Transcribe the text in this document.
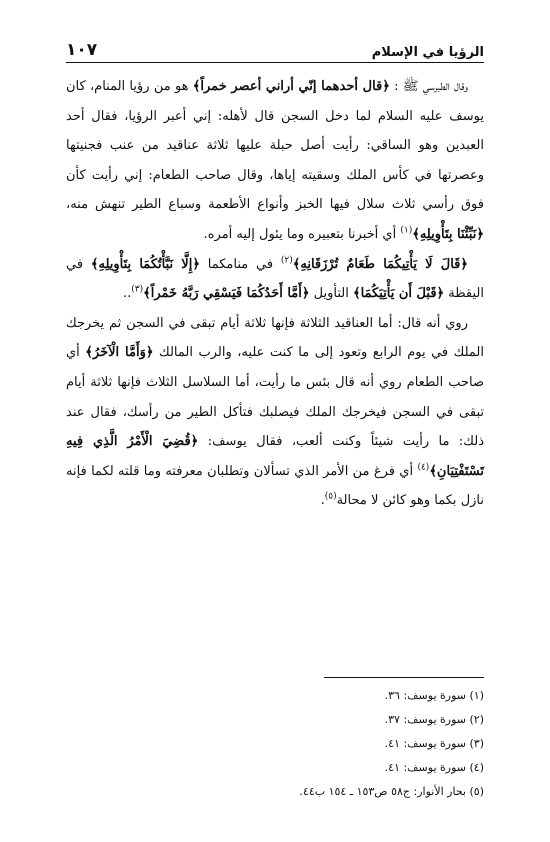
الرؤيا في الإسلام
١٠٧

وقال الطبرسي ﷺ : ﴿قال أحدهما إنّي أراني أعصر خمراً﴾ هو من رؤيا المنام، كان يوسف عليه السلام لما دخل السجن قال لأهله: إني أعبر الرؤيا، فقال أحد العبدين وهو الساقي: رأيت أصل حبلة عليها ثلاثة عناقيد من عنب فجنيتها وعصرتها في كأس الملك وسقيته إياها، وقال صاحب الطعام: إني رأيت كأن فوق رأسي ثلاث سلال فيها الخبز وأنواع الأطعمة وسباع الطير تنهش منه، ﴿نَبِّئْنَا بِتَأْوِيلِهِ﴾$^{(١)}$ أي أخبرنا بتعبيره وما يئول إليه أمره.

﴿قَالَ لَا يَأْتِيكُمَا طَعَامٌ تُرْزَقَانِهِ﴾$^{(٢)}$ في منامكما ﴿إِلَّا نَبَّأْتُكُمَا بِتَأْوِيلِهِ﴾ في اليقظة ﴿قَبْلَ أَن يَأْتِيَكُمَا﴾ التأويل ﴿أَمَّا أَحَدُكُمَا فَيَسْقِي رَبَّهُ خَمْراً﴾$^{(٣)}$..

روي أنه قال: أما العناقيد الثلاثة فإنها ثلاثة أيام تبقى في السجن ثم يخرجك الملك في يوم الرابع وتعود إلى ما كنت عليه، والرب المالك ﴿وَأَمَّا الْآخَرُ﴾ أي صاحب الطعام روي أنه قال بئس ما رأيت، أما السلاسل الثلاث فإنها ثلاثة أيام تبقى في السجن فيخرجك الملك فيصلبك فتأكل الطير من رأسك، فقال عند ذلك: ما رأيت شيئاً وكنت ألعب، فقال يوسف: ﴿قُضِيَ الْأَمْرُ الَّذِي فِيهِ تَسْتَفْتِيَانِ﴾$^{(٤)}$ أي فرغ من الأمر الذي تسألان وتطلبان معرفته وما قلته لكما فإنه نازل بكما وهو كائن لا محالة$^{(٥)}$.

(١) سورة يوسف: ٣٦.
(٢) سورة يوسف: ٣٧.
(٣) سورة يوسف: ٤١.
(٤) سورة يوسف: ٤١.
(٥) بحار الأنوار: ج٥٨ ص١٥٣ ـ ١٥٤ ب٤٤.
